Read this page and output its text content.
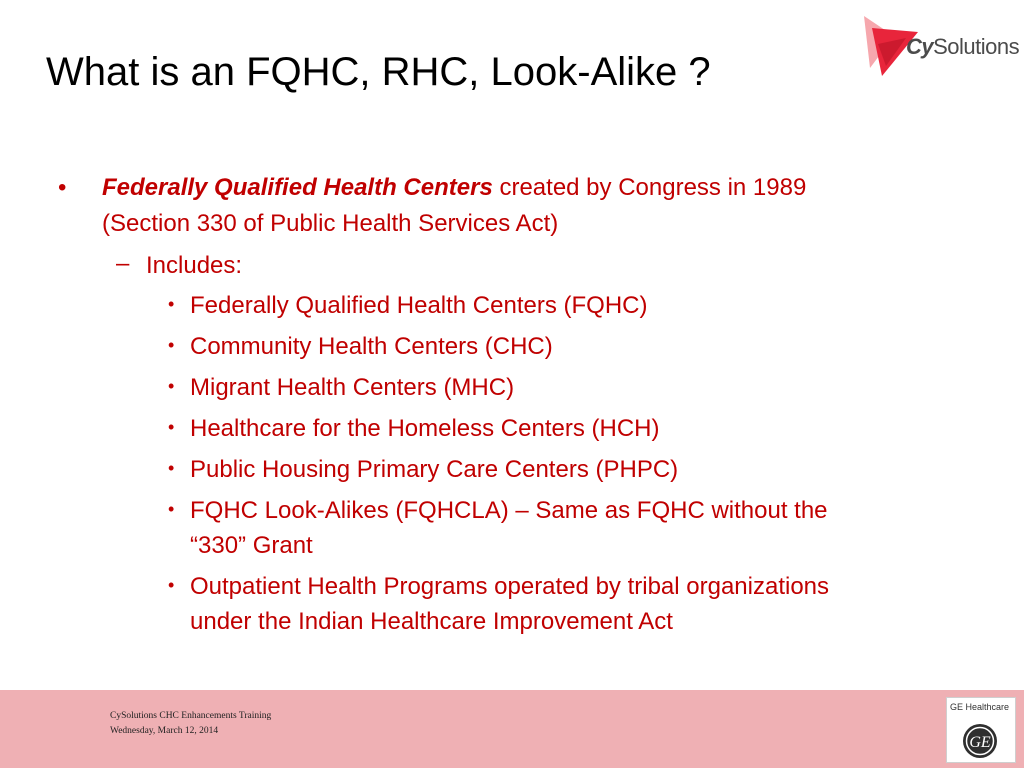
What is an FQHC, RHC, Look-Alike ?
CySolutions
• Federally Qualified Health Centers created by Congress in 1989
(Section 330 of Public Health Services Act)
– Includes:
• Federally Qualified Health Centers (FQHC)
• Community Health Centers (CHC)
• Migrant Health Centers (MHC)
• Healthcare for the Homeless Centers (HCH)
• Public Housing Primary Care Centers (PHPC)
• FQHC Look-Alikes (FQHCLA) – Same as FQHC without the
“330” Grant
• Outpatient Health Programs operated by tribal organizations
under the Indian Healthcare Improvement Act
CySolutions CHC Enhancements Training
Wednesday, March 12, 2014
GE Healthcare
GE
